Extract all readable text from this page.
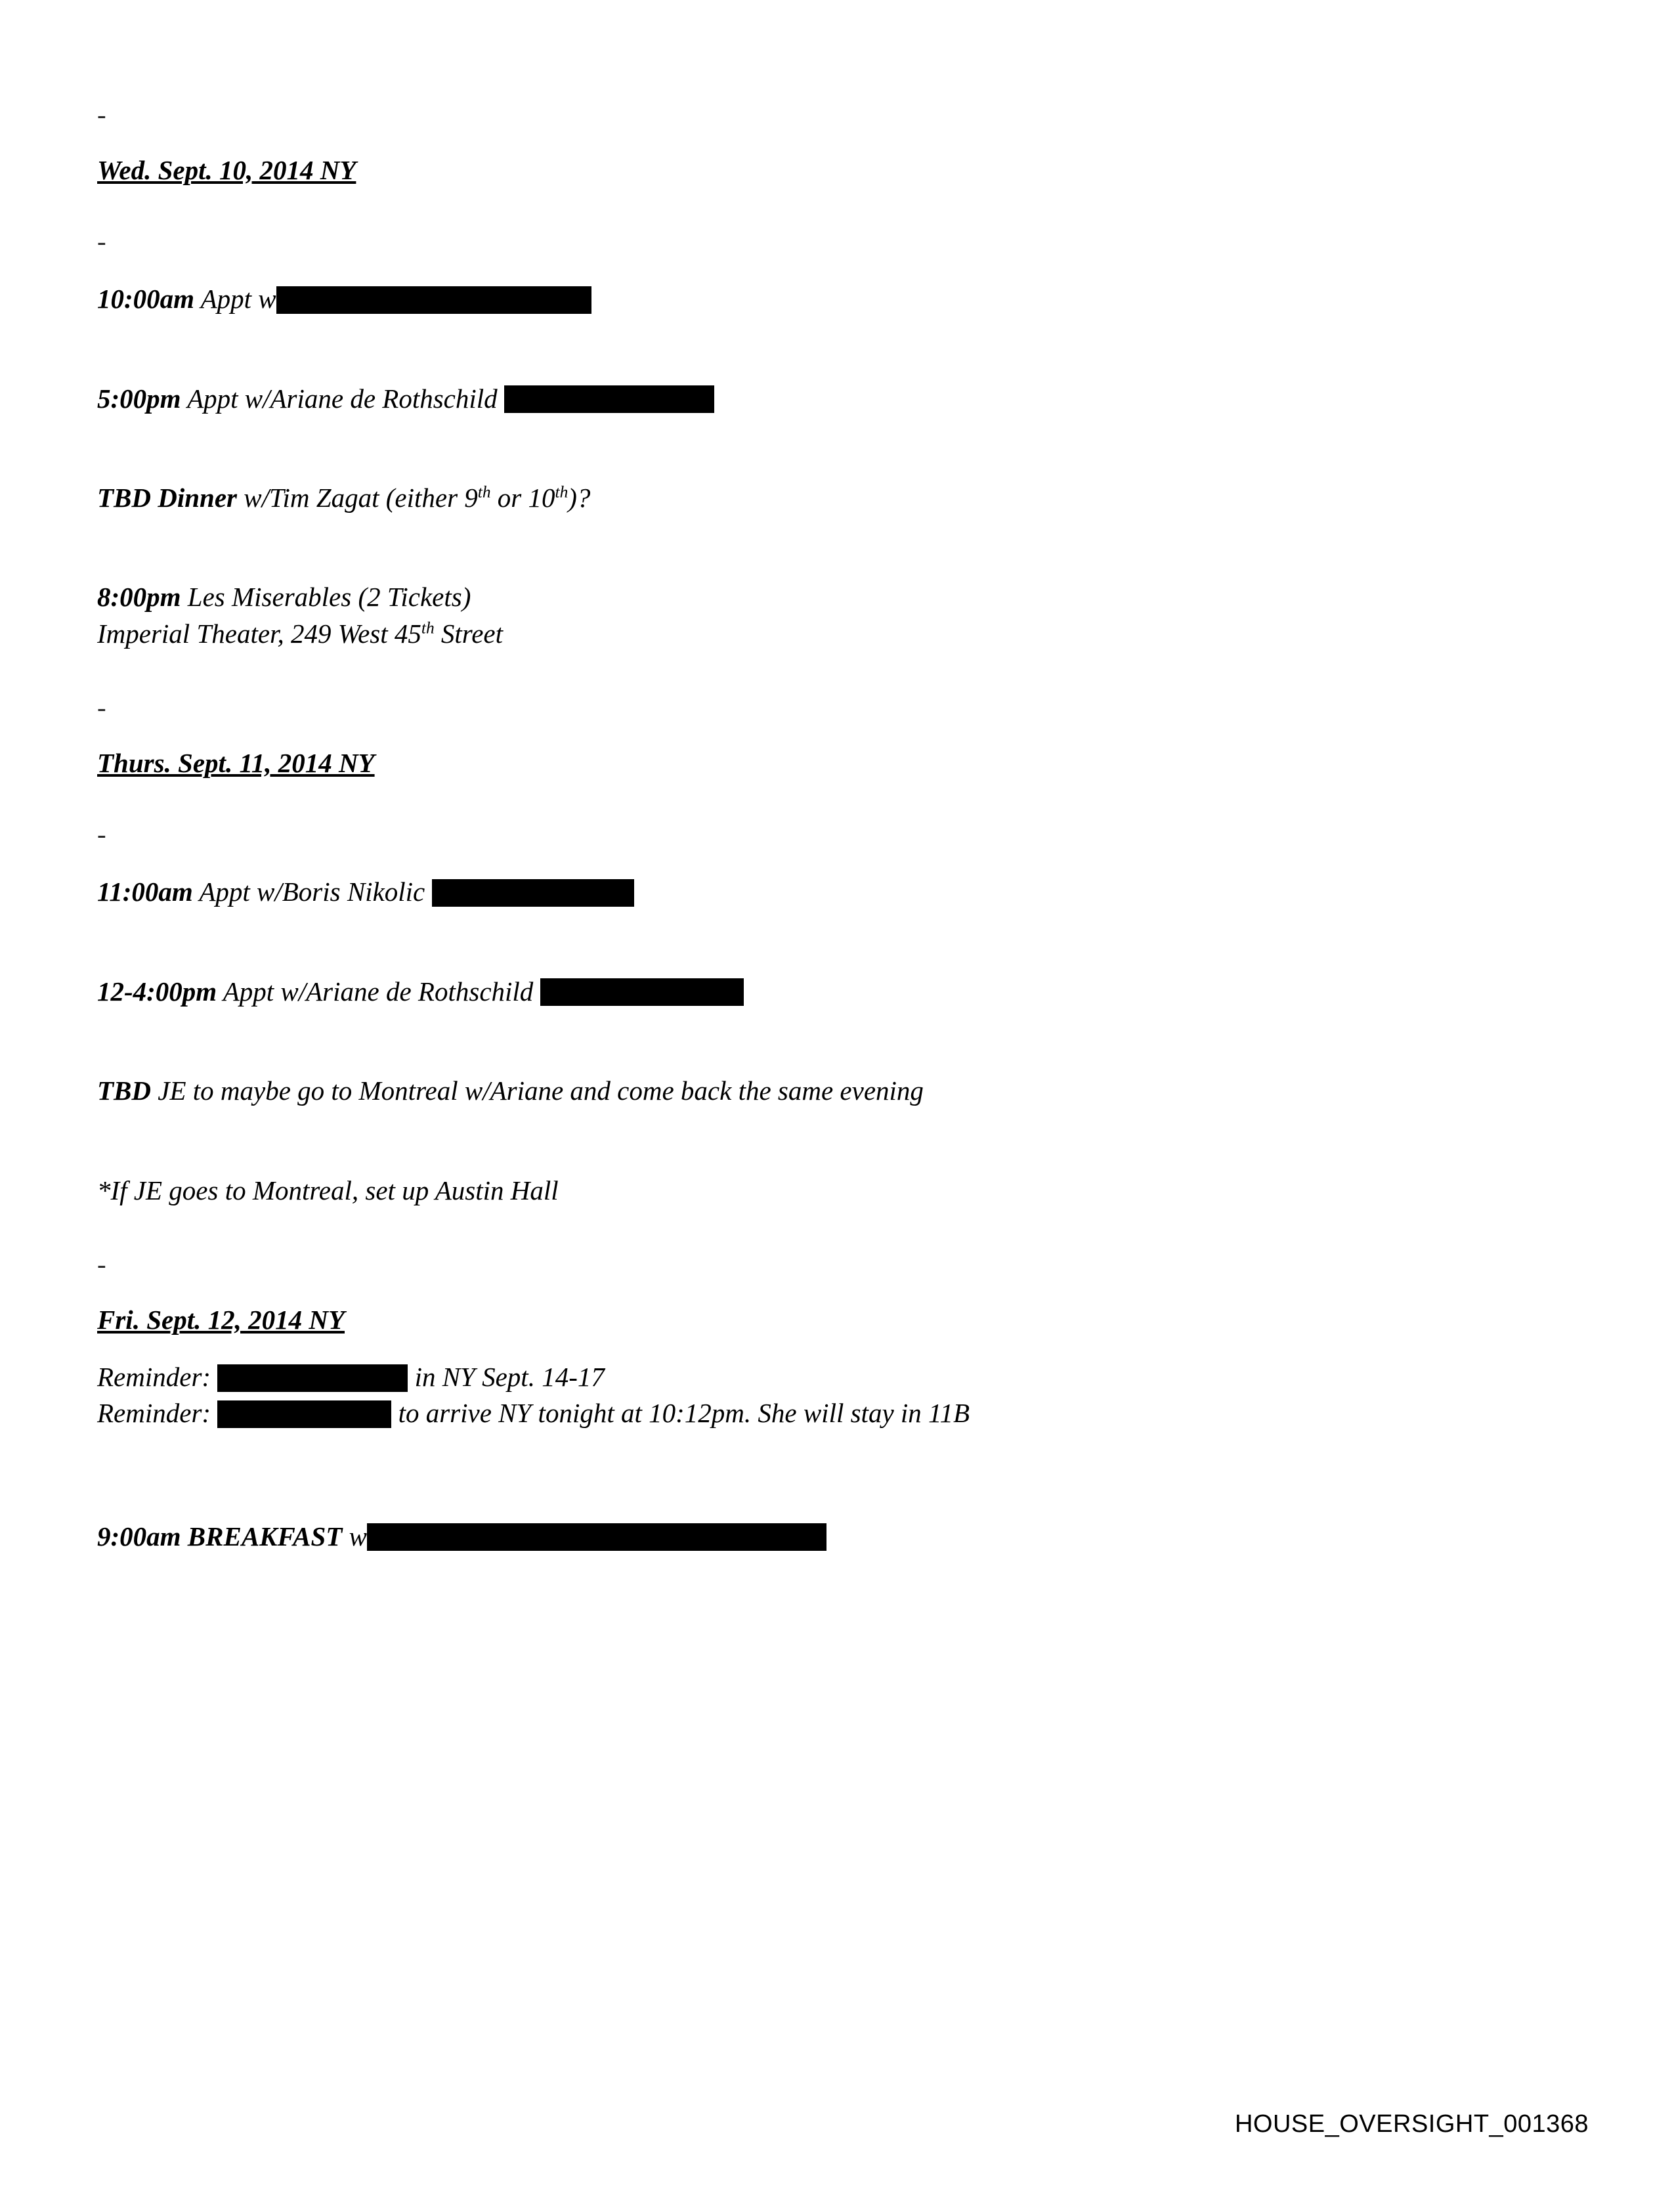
-
Wed. Sept. 10, 2014 NY
-
10:00am Appt w
5:00pm Appt w/Ariane de Rothschild
TBD Dinner w/Tim Zagat (either 9th or 10th)?
8:00pm Les Miserables (2 Tickets)
Imperial Theater, 249 West 45th Street
-
Thurs. Sept. 11, 2014 NY
-
11:00am Appt w/Boris Nikolic
12-4:00pm Appt w/Ariane de Rothschild
TBD JE to maybe go to Montreal w/Ariane and come back the same evening
*If JE goes to Montreal, set up Austin Hall
-
Fri. Sept. 12, 2014 NY
Reminder:	in NY Sept. 14-17
Reminder:	to arrive NY tonight at 10:12pm. She will stay in 11B
9:00am BREAKFAST w
HOUSE_OVERSIGHT_001368
